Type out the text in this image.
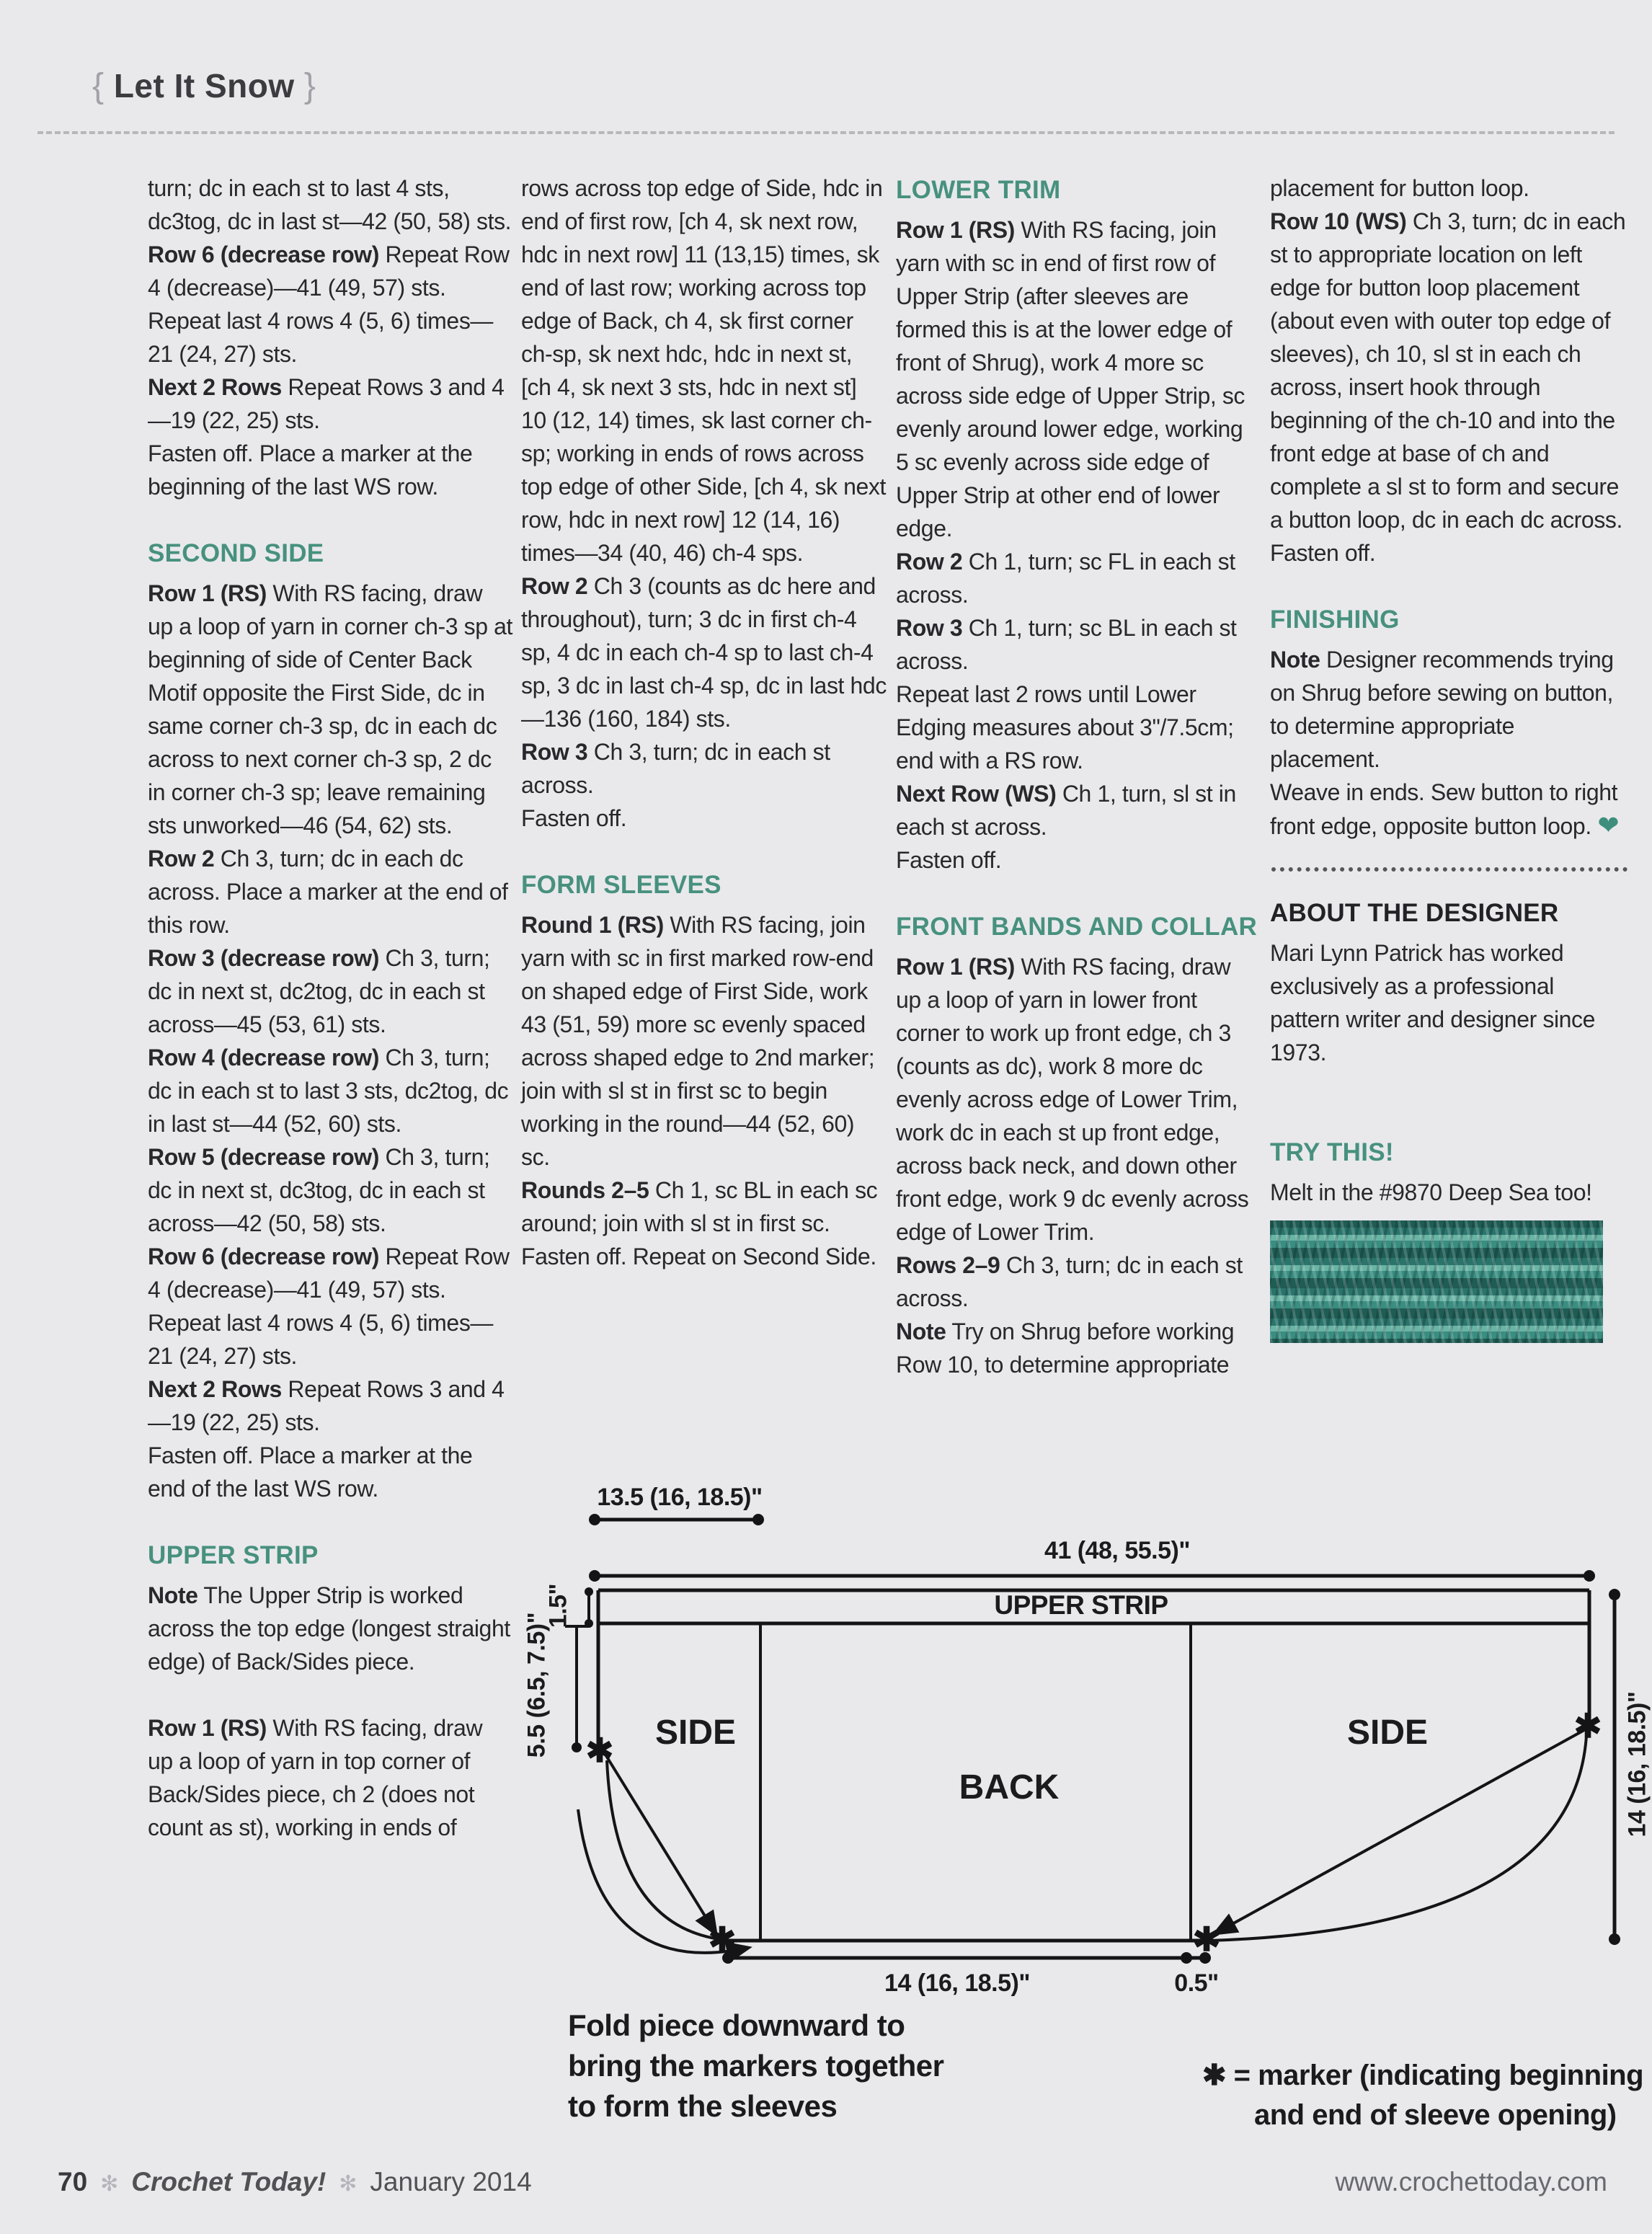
{ Let It Snow }

turn; dc in each st to last 4 sts, dc3tog, dc in last st—42 (50, 58) sts.

Row 6 (decrease row) Repeat Row 4 (decrease)—41 (49, 57) sts.

Repeat last 4 rows 4 (5, 6) times—21 (24, 27) sts.

Next 2 Rows Repeat Rows 3 and 4—19 (22, 25) sts.

Fasten off. Place a marker at the beginning of the last WS row.

SECOND SIDE

Row 1 (RS) With RS facing, draw up a loop of yarn in corner ch-3 sp at beginning of side of Center Back Motif opposite the First Side, dc in same corner ch-3 sp, dc in each dc across to next corner ch-3 sp, 2 dc in corner ch-3 sp; leave remaining sts unworked—46 (54, 62) sts.

Row 2 Ch 3, turn; dc in each dc across. Place a marker at the end of this row.

Row 3 (decrease row) Ch 3, turn; dc in next st, dc2tog, dc in each st across—45 (53, 61) sts.

Row 4 (decrease row) Ch 3, turn; dc in each st to last 3 sts, dc2tog, dc in last st—44 (52, 60) sts.

Row 5 (decrease row) Ch 3, turn; dc in next st, dc3tog, dc in each st across—42 (50, 58) sts.

Row 6 (decrease row) Repeat Row 4 (decrease)—41 (49, 57) sts.

Repeat last 4 rows 4 (5, 6) times—21 (24, 27) sts.

Next 2 Rows Repeat Rows 3 and 4—19 (22, 25) sts.

Fasten off. Place a marker at the end of the last WS row.

UPPER STRIP

Note The Upper Strip is worked across the top edge (longest straight edge) of Back/Sides piece.

Row 1 (RS) With RS facing, draw up a loop of yarn in top corner of Back/Sides piece, ch 2 (does not count as st), working in ends of

rows across top edge of Side, hdc in end of first row, [ch 4, sk next row, hdc in next row] 11 (13,15) times, sk end of last row; working across top edge of Back, ch 4, sk first corner ch-sp, sk next hdc, hdc in next st, [ch 4, sk next 3 sts, hdc in next st] 10 (12, 14) times, sk last corner ch-sp; working in ends of rows across top edge of other Side, [ch 4, sk next row, hdc in next row] 12 (14, 16) times—34 (40, 46) ch-4 sps.

Row 2 Ch 3 (counts as dc here and throughout), turn; 3 dc in first ch-4 sp, 4 dc in each ch-4 sp to last ch-4 sp, 3 dc in last ch-4 sp, dc in last hdc—136 (160, 184) sts.

Row 3 Ch 3, turn; dc in each st across.

Fasten off.

FORM SLEEVES

Round 1 (RS) With RS facing, join yarn with sc in first marked row-end on shaped edge of First Side, work 43 (51, 59) more sc evenly spaced across shaped edge to 2nd marker; join with sl st in first sc to begin working in the round—44 (52, 60) sc.

Rounds 2–5 Ch 1, sc BL in each sc around; join with sl st in first sc. Fasten off. Repeat on Second Side.

LOWER TRIM

Row 1 (RS) With RS facing, join yarn with sc in end of first row of Upper Strip (after sleeves are formed this is at the lower edge of front of Shrug), work 4 more sc across side edge of Upper Strip, sc evenly around lower edge, working 5 sc evenly across side edge of Upper Strip at other end of lower edge.

Row 2 Ch 1, turn; sc FL in each st across.

Row 3 Ch 1, turn; sc BL in each st across.

Repeat last 2 rows until Lower Edging measures about 3"/7.5cm; end with a RS row.

Next Row (WS) Ch 1, turn, sl st in each st across.

Fasten off.

FRONT BANDS AND COLLAR

Row 1 (RS) With RS facing, draw up a loop of yarn in lower front corner to work up front edge, ch 3 (counts as dc), work 8 more dc evenly across edge of Lower Trim, work dc in each st up front edge, across back neck, and down other front edge, work 9 dc evenly across edge of Lower Trim.

Rows 2–9 Ch 3, turn; dc in each st across.

Note Try on Shrug before working Row 10, to determine appropriate

placement for button loop.

Row 10 (WS) Ch 3, turn; dc in each st to appropriate location on left edge for button loop placement (about even with outer top edge of sleeves), ch 10, sl st in each ch across, insert hook through beginning of the ch-10 and into the front edge at base of ch and complete a sl st to form and secure a button loop, dc in each dc across.

Fasten off.

FINISHING

Note Designer recommends trying on Shrug before sewing on button, to determine appropriate placement.

Weave in ends. Sew button to right front edge, opposite button loop. ❤

ABOUT THE DESIGNER

Mari Lynn Patrick has worked exclusively as a professional pattern writer and designer since 1973.

TRY THIS!

Melt in the #9870 Deep Sea too!

13.5 (16, 18.5)"
41 (48, 55.5)"
1.5"
5.5 (6.5, 7.5)"
14 (16, 18.5)"
14 (16, 18.5)"	0.5"
UPPER STRIP
SIDE
BACK
SIDE
✱
✱
✱
✱
Fold piece downward to
bring the markers together
to form the sleeves
✱ = marker (indicating beginning
and end of sleeve opening)
70 ✻ Crochet Today! ✻ January 2014	www.crochettoday.com
